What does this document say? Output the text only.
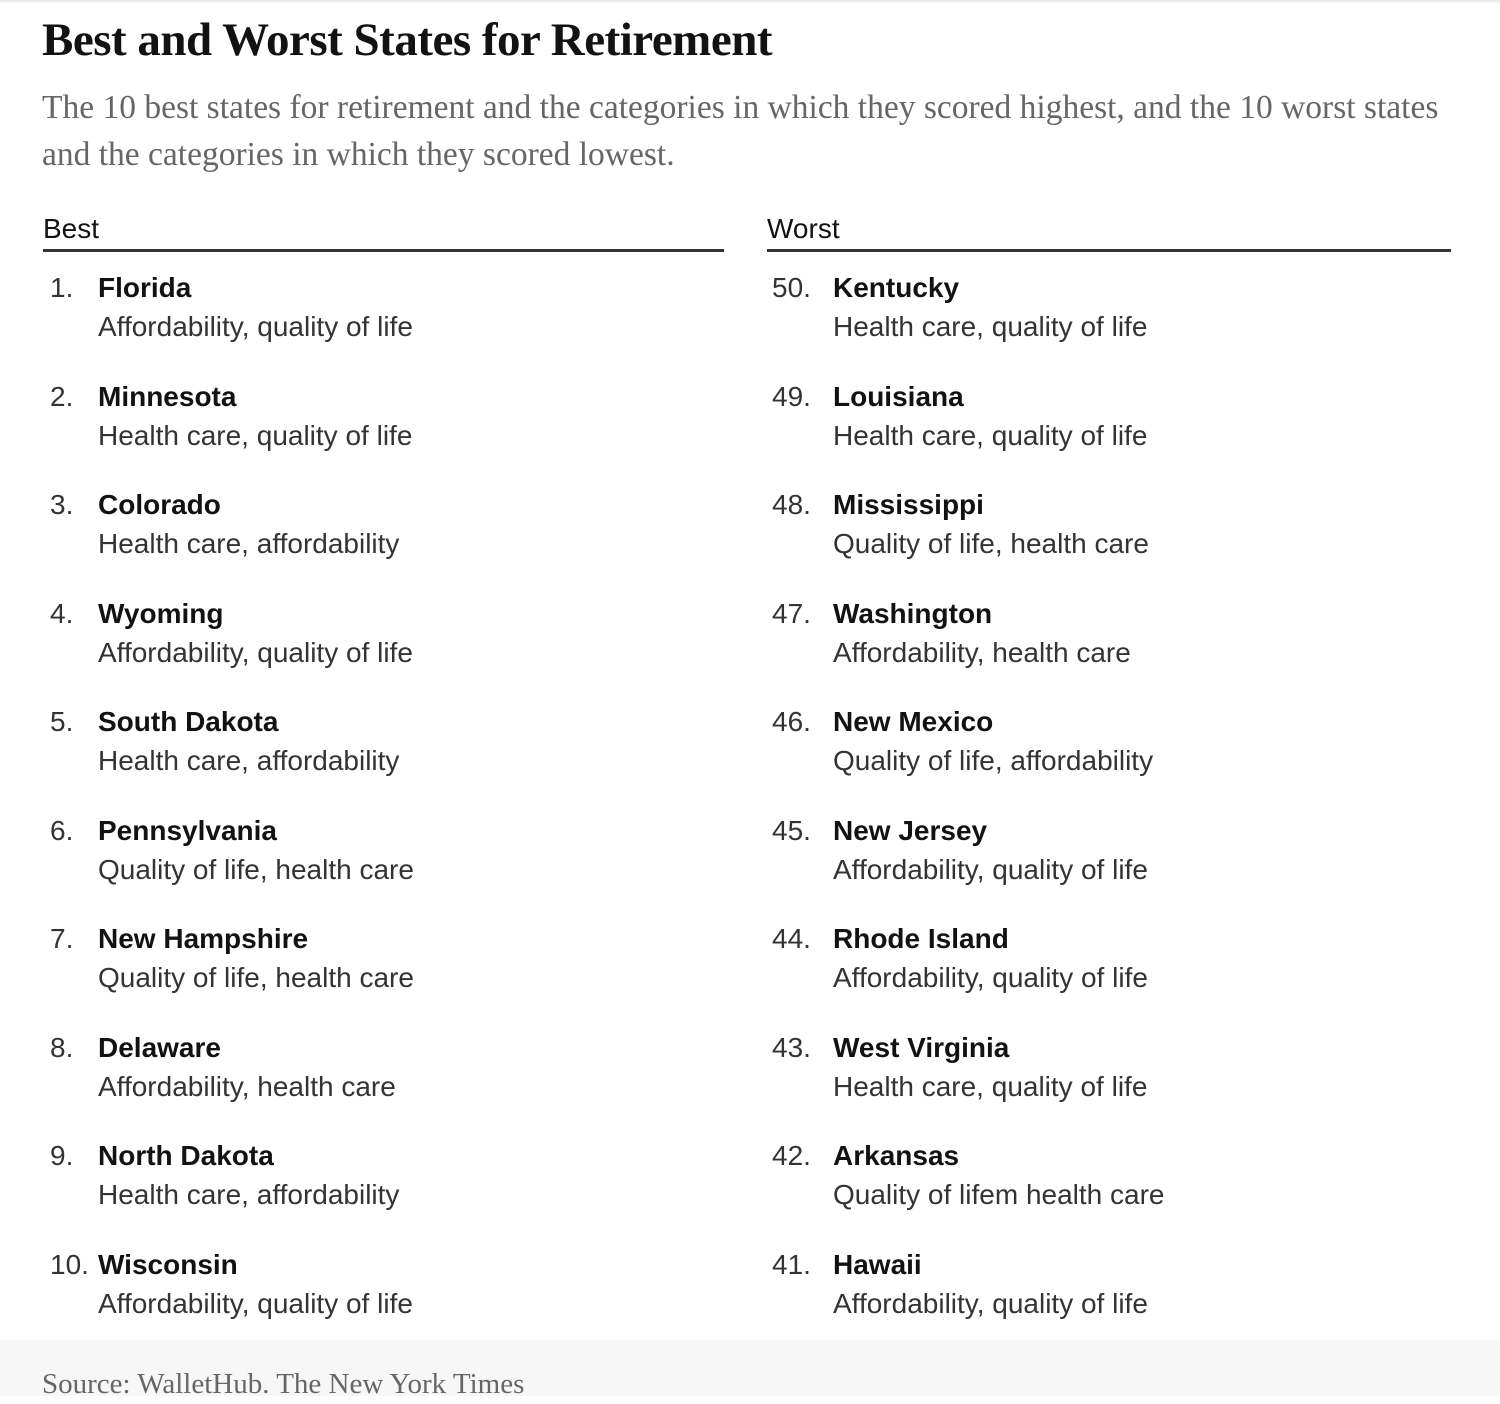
Best and Worst States for Retirement

The 10 best states for retirement and the categories in which they scored highest, and the 10 worst states and the categories in which they scored lowest.

Best	Worst
1. Florida
Affordability, quality of life
2. Minnesota
Health care, quality of life
3. Colorado
Health care, affordability
4. Wyoming
Affordability, quality of life
5. South Dakota
Health care, affordability
6. Pennsylvania
Quality of life, health care
7. New Hampshire
Quality of life, health care
8. Delaware
Affordability, health care
9. North Dakota
Health care, affordability
10. Wisconsin
Affordability, quality of life
50. Kentucky
Health care, quality of life
49. Louisiana
Health care, quality of life
48. Mississippi
Quality of life, health care
47. Washington
Affordability, health care
46. New Mexico
Quality of life, affordability
45. New Jersey
Affordability, quality of life
44. Rhode Island
Affordability, quality of life
43. West Virginia
Health care, quality of life
42. Arkansas
Quality of lifem health care
41. Hawaii
Affordability, quality of life

Source: WalletHub. The New York Times
